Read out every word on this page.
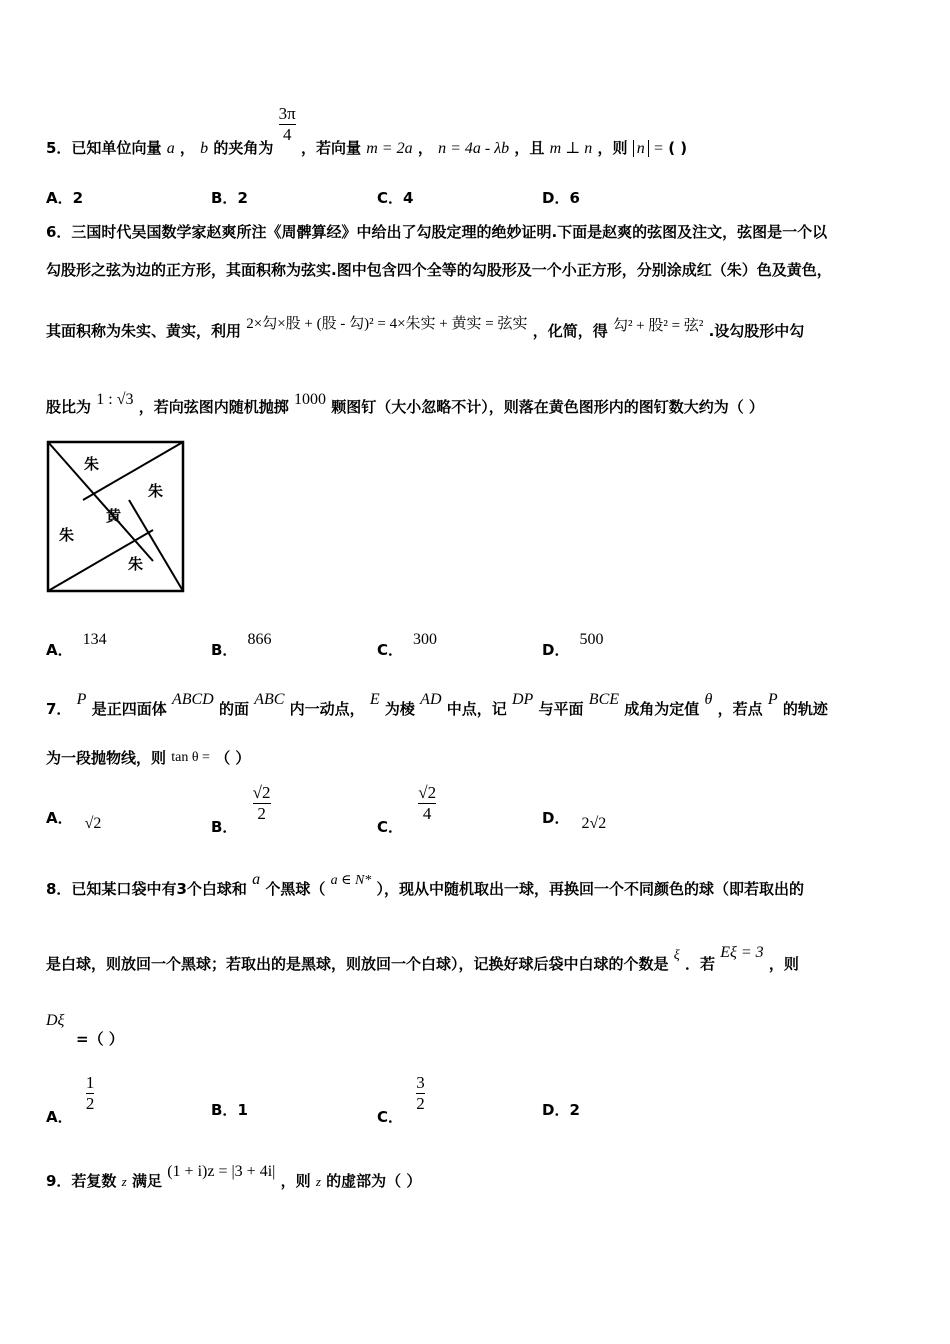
5．已知单位向量 a ， b 的夹角为
$\frac{3\pi}{4}$
，若向量 m = 2a ， n = 4a - λb ，且 m ⊥ n ，则 n = ( )
A．2	B．2	C．4	D．6
6．三国时代吴国数学家赵爽所注《周髀算经》中给出了勾股定理的绝妙证明.下面是赵爽的弦图及注文，弦图是一个以
勾股形之弦为边的正方形，其面积称为弦实.图中包含四个全等的勾股形及一个小正方形，分别涂成红（朱）色及黄色，
其面积称为朱实、黄实，利用 2×勾×股 + (股 - 勾)² = 4×朱实 + 黄实 = 弦实 ，化简，得 勾² + 股² = 弦² .设勾股形中勾
股比为 1 : √3 ，若向弦图内随机抛掷 1000 颗图钉（大小忽略不计），则落在黄色图形内的图钉数大约为（ ）
朱
朱
黄
朱
朱
A．134
B．866
C．300
D．500
7． P 是正四面体 ABCD 的面 ABC 内一动点， E 为棱 AD 中点，记 DP 与平面 BCE 成角为定值 θ ，若点 P 的轨迹
为一段抛物线，则 tan θ = （ ）
A． √2	B．
$\frac{√2}{2}$
C．
$\frac{√2}{4}$	D． 2√2
8．已知某口袋中有3个白球和 a 个黑球（ a ∈ N* ），现从中随机取出一球，再换回一个不同颜色的球（即若取出的
是白球，则放回一个黑球；若取出的是黑球，则放回一个白球），记换好球后袋中白球的个数是 ξ ．若 Eξ = 3 ，则
Dξ
=（ ）
A．
$\frac{1}{2}$	B．1	C．
$\frac{3}{2}$	D．2
9．若复数 z 满足 (1 + i)z = |3 + 4i| ，则 z 的虚部为（ ）
